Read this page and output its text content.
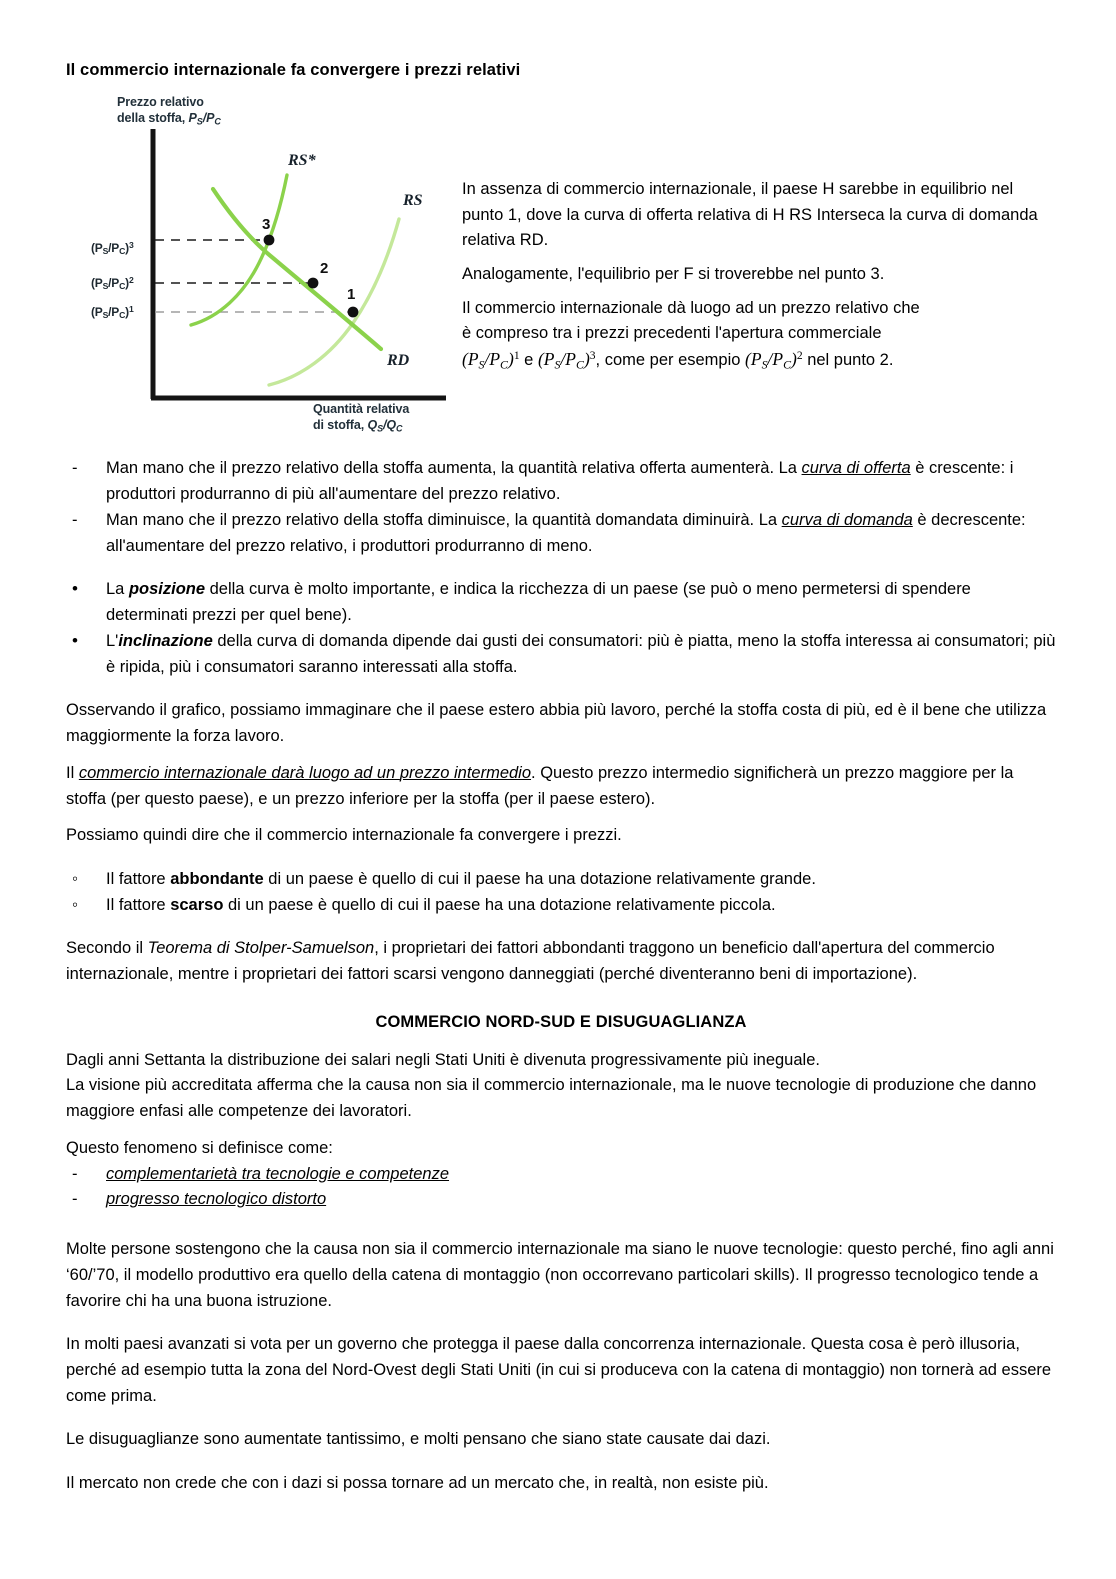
Il commercio internazionale fa convergere i prezzi relativi
Prezzo relativo
della stoffa, $P_S/P_C$
$(P_S/P_C)^3$
$(P_S/P_C)^2$
$(P_S/P_C)^1$
RS*
RS
RD
3
2
1
Quantità relativa
di stoffa, $Q_S/Q_C$

In assenza di commercio internazionale, il paese H sarebbe in equilibrio nel punto 1, dove la curva di offerta relativa di H RS Interseca la curva di domanda relativa RD.

Analogamente, l'equilibrio per F si troverebbe nel punto 3.

Il commercio internazionale dà luogo ad un prezzo relativo che
è compreso tra i prezzi precedenti l'apertura commerciale
$(P_S/P_C)^1$ e $(P_S/P_C)^3$, come per esempio $(P_S/P_C)^2$ nel punto 2.

- Man mano che il prezzo relativo della stoffa aumenta, la quantità relativa offerta aumenterà. La curva di offerta è crescente: i produttori produrranno di più all'aumentare del prezzo relativo.
- Man mano che il prezzo relativo della stoffa diminuisce, la quantità domandata diminuirà. La curva di domanda è decrescente: all'aumentare del prezzo relativo, i produttori produrranno di meno.
• La posizione della curva è molto importante, e indica la ricchezza di un paese (se può o meno permetersi di spendere determinati prezzi per quel bene).
• L'inclinazione della curva di domanda dipende dai gusti dei consumatori: più è piatta, meno la stoffa interessa ai consumatori; più è ripida, più i consumatori saranno interessati alla stoffa.

Osservando il grafico, possiamo immaginare che il paese estero abbia più lavoro, perché la stoffa costa di più, ed è il bene che utilizza maggiormente la forza lavoro.

Il commercio internazionale darà luogo ad un prezzo intermedio. Questo prezzo intermedio significherà un prezzo maggiore per la stoffa (per questo paese), e un prezzo inferiore per la stoffa (per il paese estero).

Possiamo quindi dire che il commercio internazionale fa convergere i prezzi.

◦ Il fattore abbondante di un paese è quello di cui il paese ha una dotazione relativamente grande.
◦ Il fattore scarso di un paese è quello di cui il paese ha una dotazione relativamente piccola.

Secondo il Teorema di Stolper-Samuelson, i proprietari dei fattori abbondanti traggono un beneficio dall'apertura del commercio internazionale, mentre i proprietari dei fattori scarsi vengono danneggiati (perché diventeranno beni di importazione).

COMMERCIO NORD-SUD E DISUGUAGLIANZA

Dagli anni Settanta la distribuzione dei salari negli Stati Uniti è divenuta progressivamente più ineguale.

La visione più accreditata afferma che la causa non sia il commercio internazionale, ma le nuove tecnologie di produzione che danno maggiore enfasi alle competenze dei lavoratori.

Questo fenomeno si definisce come:

- complementarietà tra tecnologie e competenze
- progresso tecnologico distorto

Molte persone sostengono che la causa non sia il commercio internazionale ma siano le nuove tecnologie: questo perché, fino agli anni ‘60/’70, il modello produttivo era quello della catena di montaggio (non occorrevano particolari skills). Il progresso tecnologico tende a favorire chi ha una buona istruzione.

In molti paesi avanzati si vota per un governo che protegga il paese dalla concorrenza internazionale. Questa cosa è però illusoria, perché ad esempio tutta la zona del Nord-Ovest degli Stati Uniti (in cui si produceva con la catena di montaggio) non tornerà ad essere come prima.

Le disuguaglianze sono aumentate tantissimo, e molti pensano che siano state causate dai dazi.

Il mercato non crede che con i dazi si possa tornare ad un mercato che, in realtà, non esiste più.
